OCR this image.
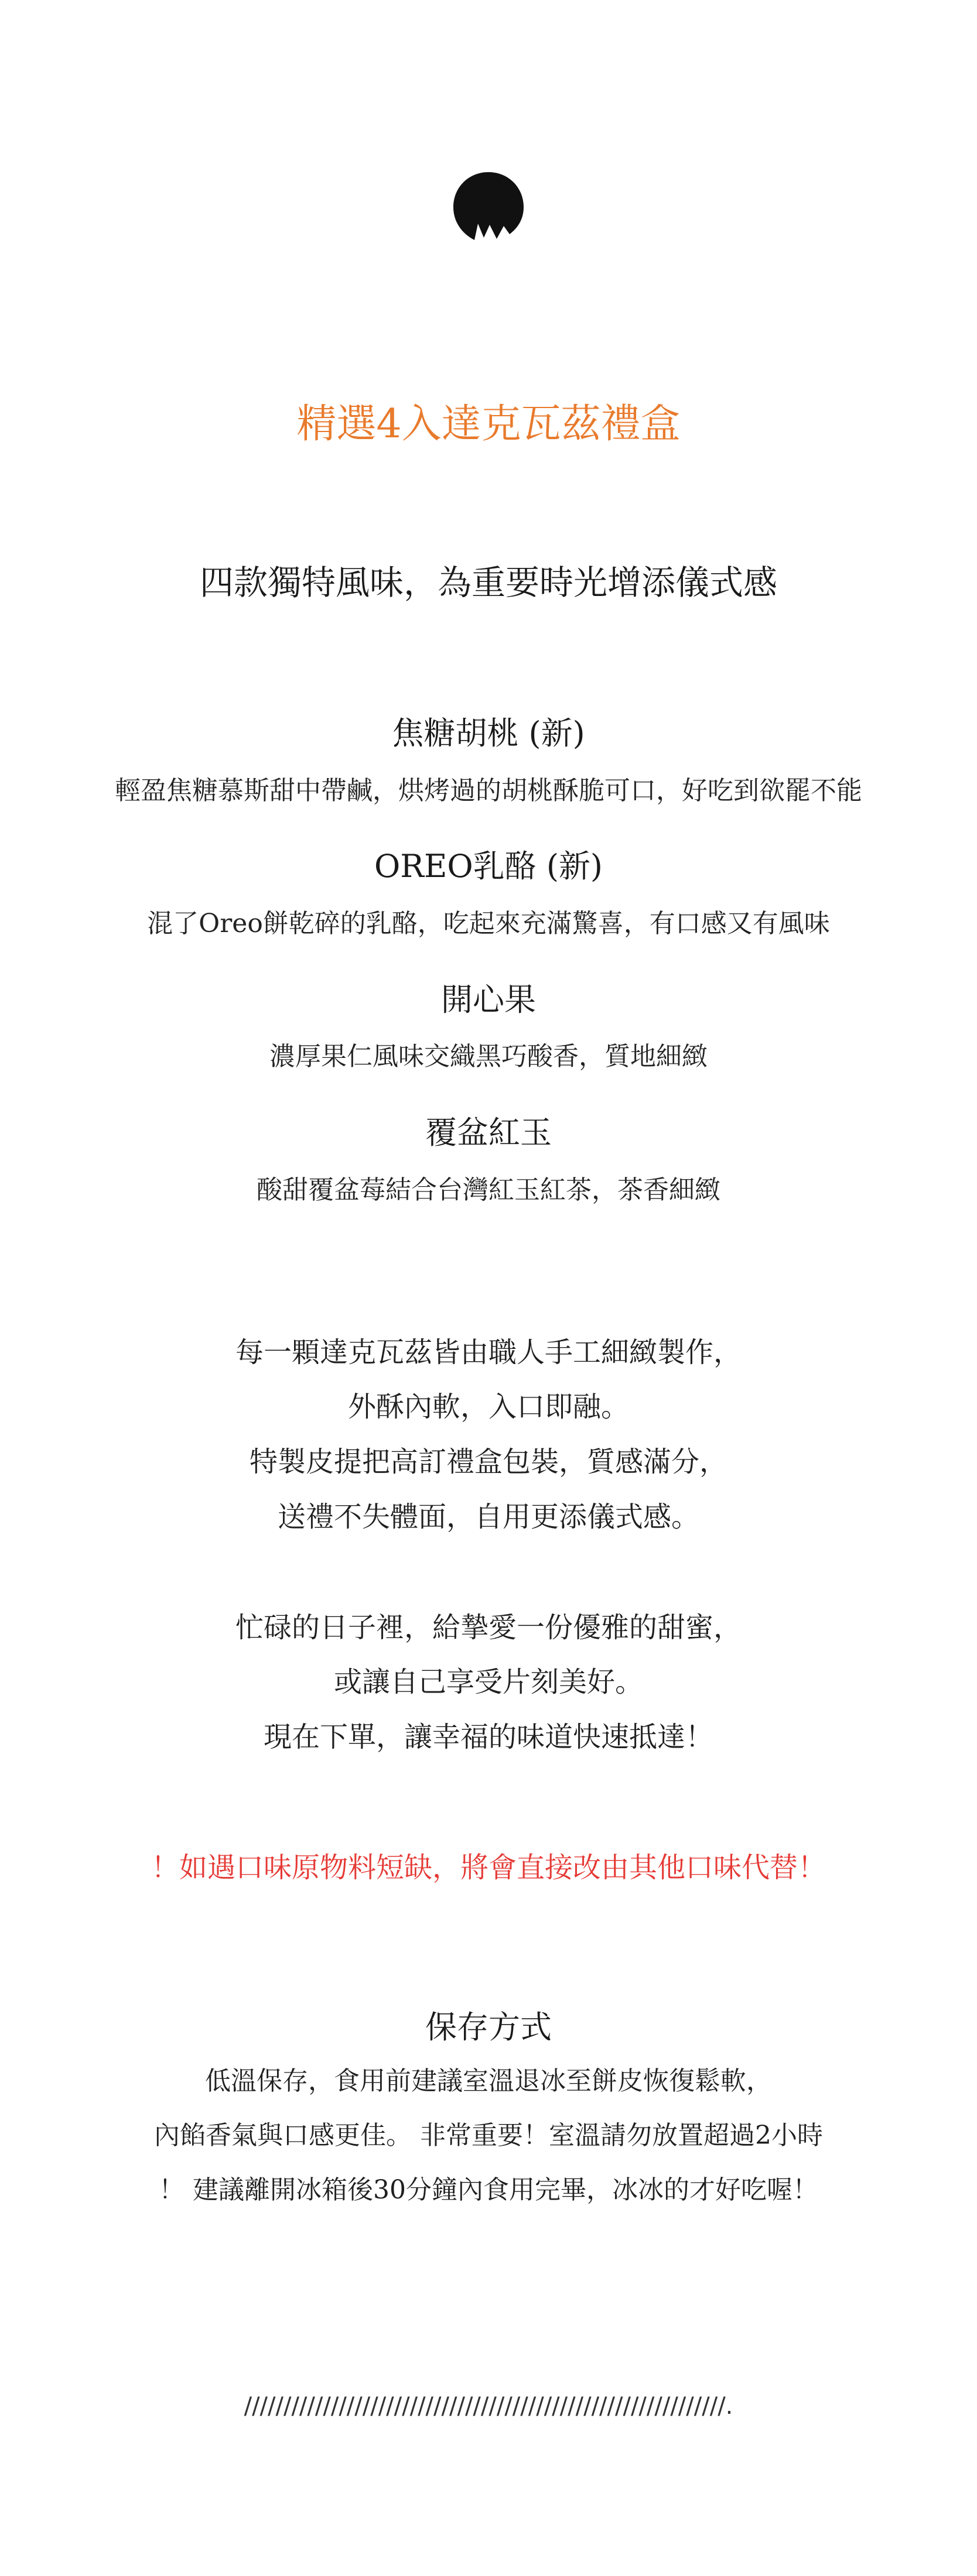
精選4入達克瓦茲禮盒
四款獨特風味，為重要時光增添儀式感
焦糖胡桃 (新)
輕盈焦糖慕斯甜中帶鹹，烘烤過的胡桃酥脆可口，好吃到欲罷不能
OREO乳酪 (新)
混了Oreo餅乾碎的乳酪，吃起來充滿驚喜，有口感又有風味
開心果
濃厚果仁風味交織黑巧酸香，質地細緻
覆盆紅玉
酸甜覆盆莓結合台灣紅玉紅茶，茶香細緻
每一顆達克瓦茲皆由職人手工細緻製作，
外酥內軟，入口即融。
特製皮提把高訂禮盒包裝，質感滿分，
送禮不失體面，自用更添儀式感。
忙碌的日子裡，給摯愛一份優雅的甜蜜，
或讓自己享受片刻美好。
現在下單，讓幸福的味道快速抵達！
！如遇口味原物料短缺，將會直接改由其他口味代替！
保存方式
低溫保存，食用前建議室溫退冰至餅皮恢復鬆軟，
內餡香氣與口感更佳。 非常重要！室溫請勿放置超過2小時
！ 建議離開冰箱後30分鐘內食用完畢，冰冰的才好吃喔！
/////////////////////////////////////////////////////////////.
